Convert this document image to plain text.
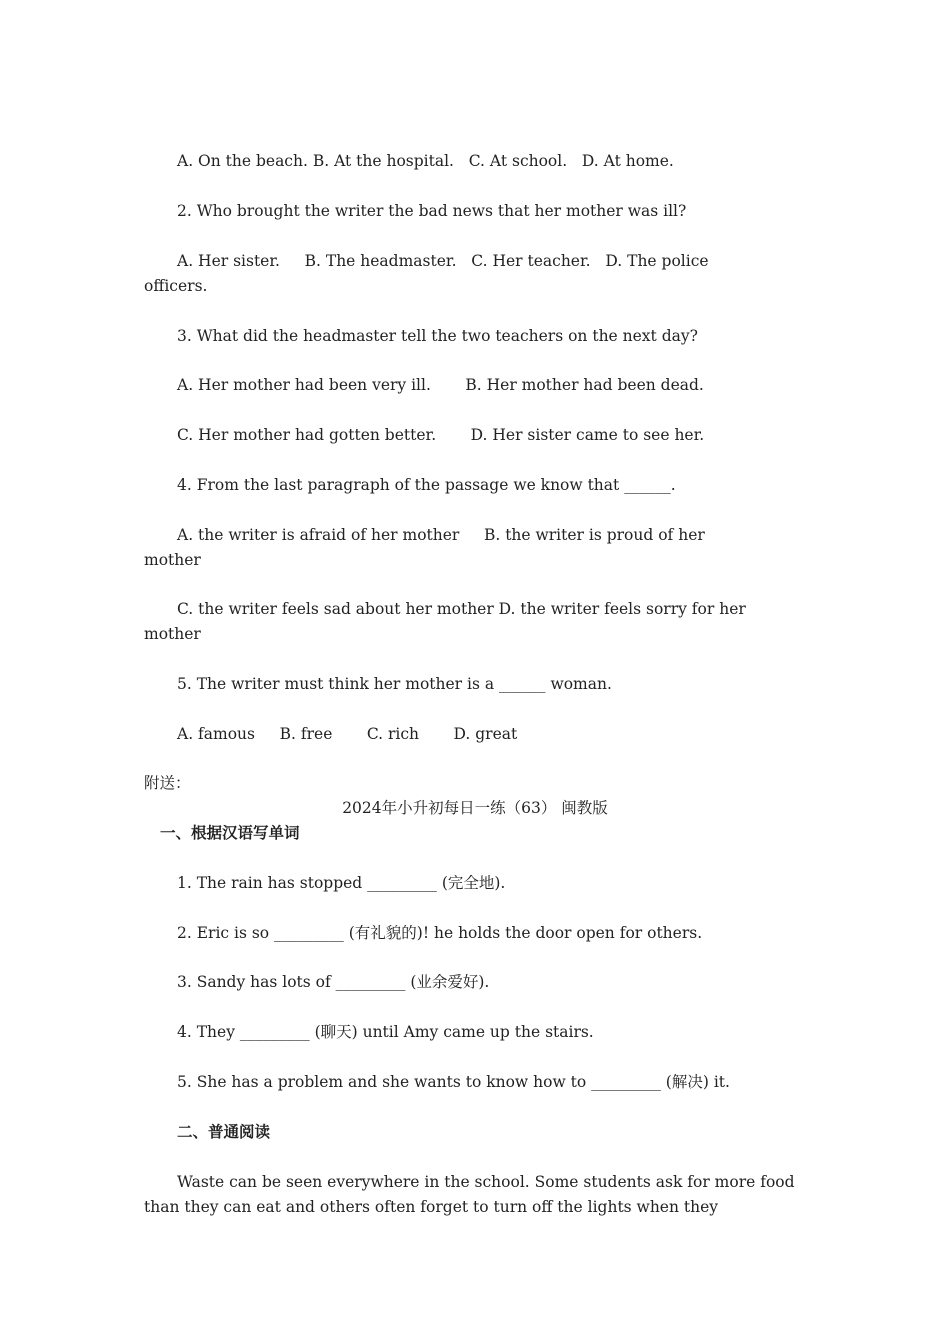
A. On the beach. B. At the hospital.   C. At school.   D. At home.
2. Who brought the writer the bad news that her mother was ill?
A. Her sister.     B. The headmaster.   C. Her teacher.   D. The police
officers.
3. What did the headmaster tell the two teachers on the next day?
A. Her mother had been very ill.       B. Her mother had been dead.
C. Her mother had gotten better.       D. Her sister came to see her.
4. From the last paragraph of the passage we know that ______.
A. the writer is afraid of her mother     B. the writer is proud of her
mother
C. the writer feels sad about her mother D. the writer feels sorry for her
mother
5. The writer must think her mother is a ______ woman.
A. famous     B. free       C. rich       D. great
附送：
2024年小升初每日一练（63） 闽教版
一、根据汉语写单词
1. The rain has stopped _________ (完全地).
2. Eric is so _________ (有礼貌的)! he holds the door open for others.
3. Sandy has lots of _________ (业余爱好).
4. They _________ (聊天) until Amy came up the stairs.
5. She has a problem and she wants to know how to _________ (解决) it.
二、普通阅读
Waste can be seen everywhere in the school. Some students ask for more food
than they can eat and others often forget to turn off the lights when they
